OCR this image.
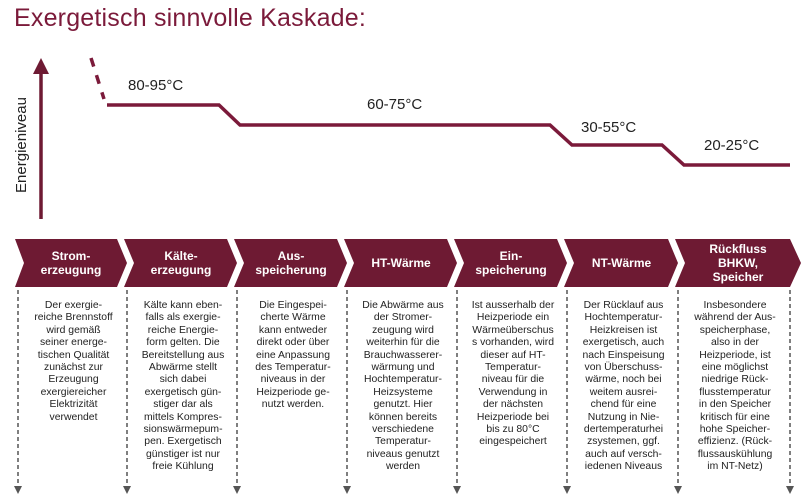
Exergetisch sinnvolle Kaskade:
Energieniveau
80-95°C
60-75°C
30-55°C
20-25°C
Strom-
erzeugung
Kälte-
erzeugung
Aus-
speicherung	HT-Wärme	Ein-
speicherung	NT-Wärme
Rückfluss
BHKW,
Speicher
Der exergie-
reiche Brennstoff
wird gemäß
seiner energe-
tischen Qualität
zunächst zur
Erzeugung
exergiereicher
Elektrizität
verwendet
Kälte kann eben-
falls als exergie-
reiche Energie-
form gelten. Die
Bereitstellung aus
Abwärme stellt
sich dabei
exergetisch gün-
stiger dar als
mittels Kompres-
sionswärmepum-
pen. Exergetisch
günstiger ist nur
freie Kühlung
Die Eingespei-
cherte Wärme
kann entweder
direkt oder über
eine Anpassung
des Temperatur-
niveaus in der
Heizperiode ge-
nutzt werden.
Die Abwärme aus
der Stromer-
zeugung wird
weiterhin für die
Brauchwasserer-
wärmung und
Hochtemperatur-
Heizsysteme
genutzt. Hier
können bereits
verschiedene
Temperatur-
niveaus genutzt
werden
Ist ausserhalb der
Heizperiode ein
Wärmeüberschus
s vorhanden, wird
dieser auf HT-
Temperatur-
niveau für die
Verwendung in
der nächsten
Heizperiode bei
bis zu 80°C
eingespeichert
Der Rücklauf aus
Hochtemperatur-
Heizkreisen ist
exergetisch, auch
nach Einspeisung
von Überschuss-
wärme, noch bei
weitem ausrei-
chend für eine
Nutzung in Nie-
dertemperaturhei
zsystemen, ggf.
auch auf versch-
iedenen Niveaus
Insbesondere
während der Aus-
speicherphase,
also in der
Heizperiode, ist
eine möglichst
niedrige Rück-
flusstemperatur
in den Speicher
kritisch für eine
hohe Speicher-
effizienz. (Rück-
flussauskühlung
im NT-Netz)
